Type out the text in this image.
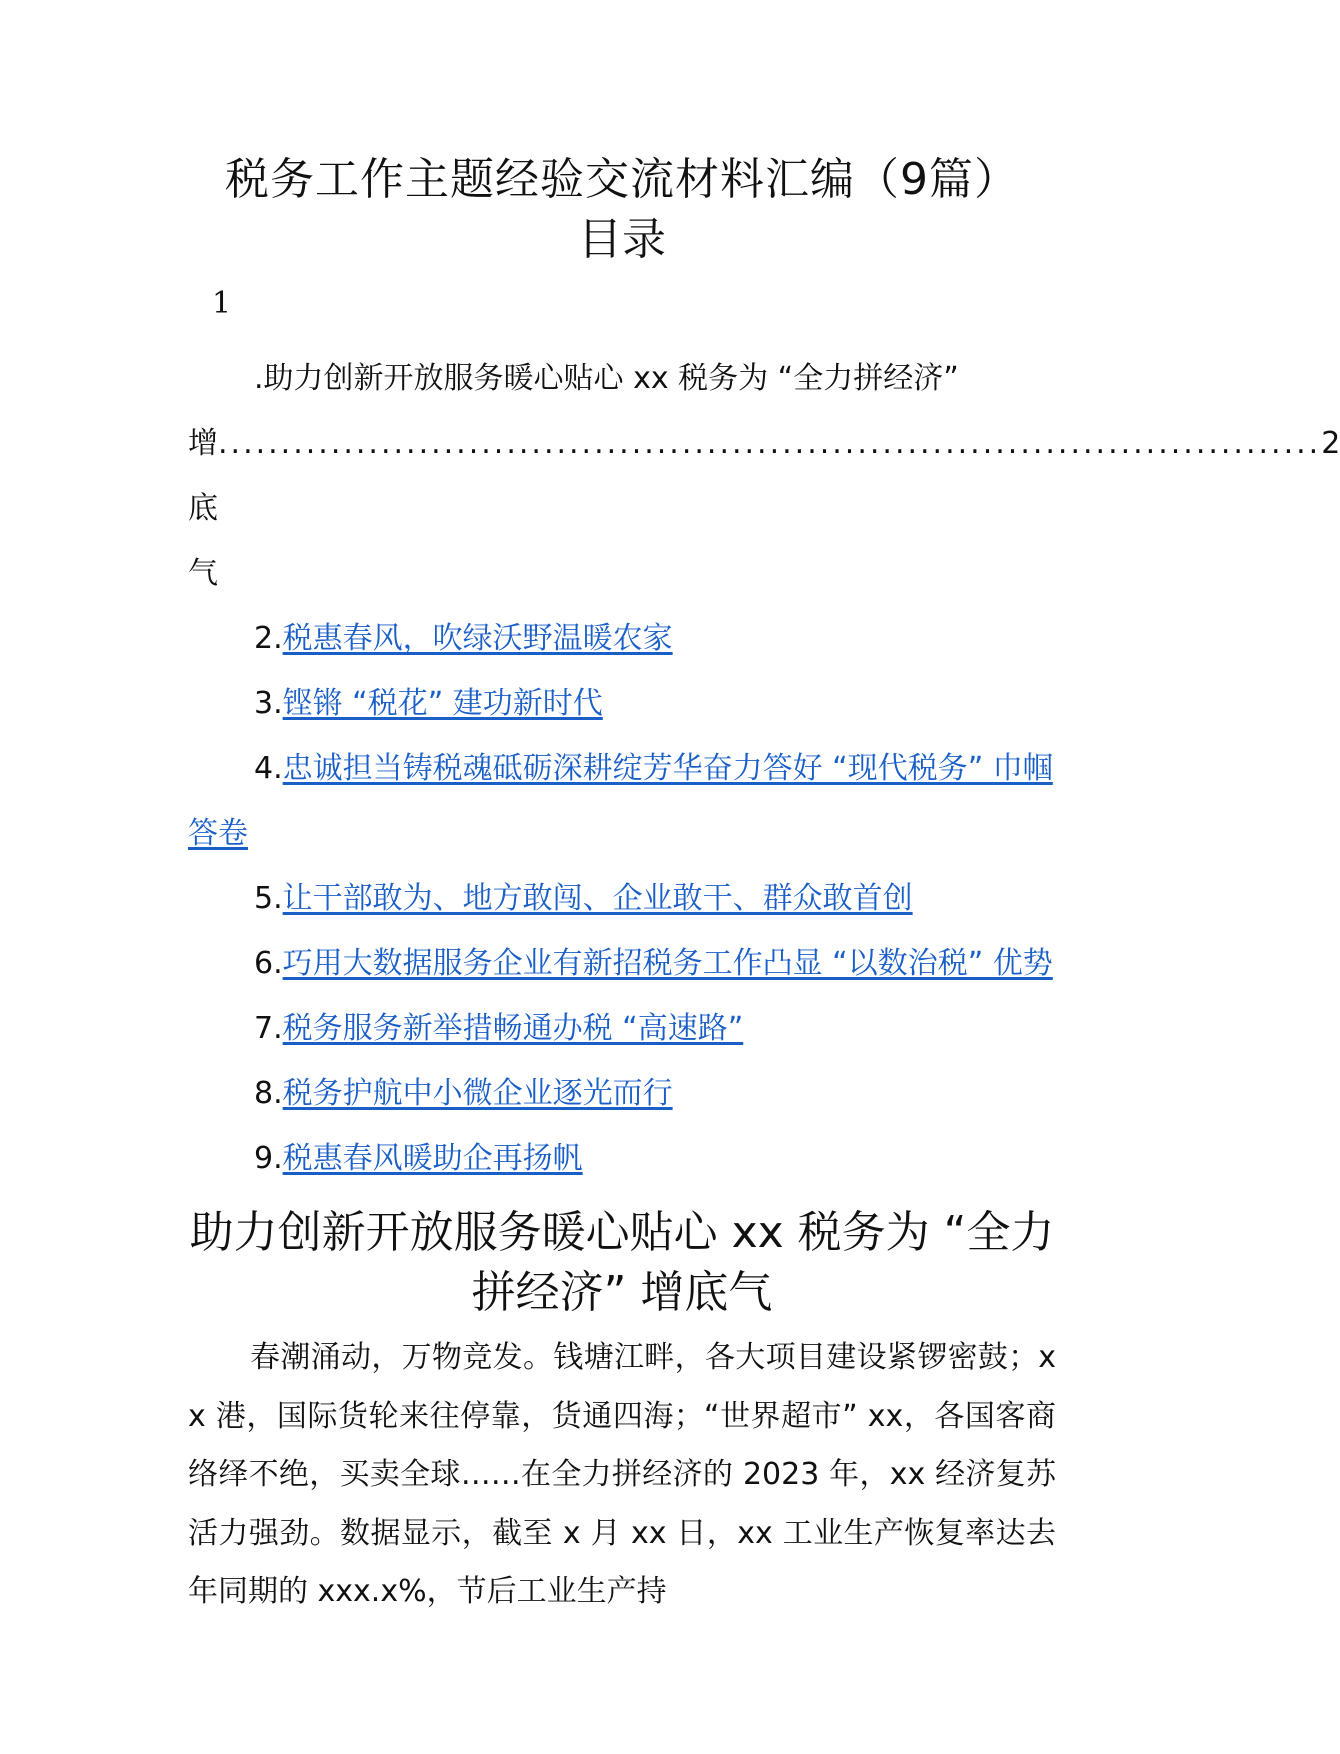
税务工作主题经验交流材料汇编（9篇）
目录
1

.助力创新开放服务暖心贴心 xx 税务为 “全力拼经济”

增底气
........................................................................................ 2

2.税惠春风，吹绿沃野温暖农家

3.铿锵 “税花” 建功新时代

4.忠诚担当铸税魂砥砺深耕绽芳华奋力答好 “现代税务” 巾帼答卷

5.让干部敢为、地方敢闯、企业敢干、群众敢首创

6.巧用大数据服务企业有新招税务工作凸显 “以数治税” 优势

7.税务服务新举措畅通办税 “高速路”

8.税务护航中小微企业逐光而行

9.税惠春风暖助企再扬帆

助力创新开放服务暖心贴心 xx 税务为 “全力拼经济” 增底气

春潮涌动，万物竞发。钱塘江畔，各大项目建设紧锣密鼓；xx 港，国际货轮来往停靠，货通四海；“世界超市” xx，各国客商络绎不绝，买卖全球……在全力拼经济的 2023 年，xx 经济复苏活力强劲。数据显示，截至 x 月 xx 日，xx 工业生产恢复率达去年同期的 xxx.x%，节后工业生产持
